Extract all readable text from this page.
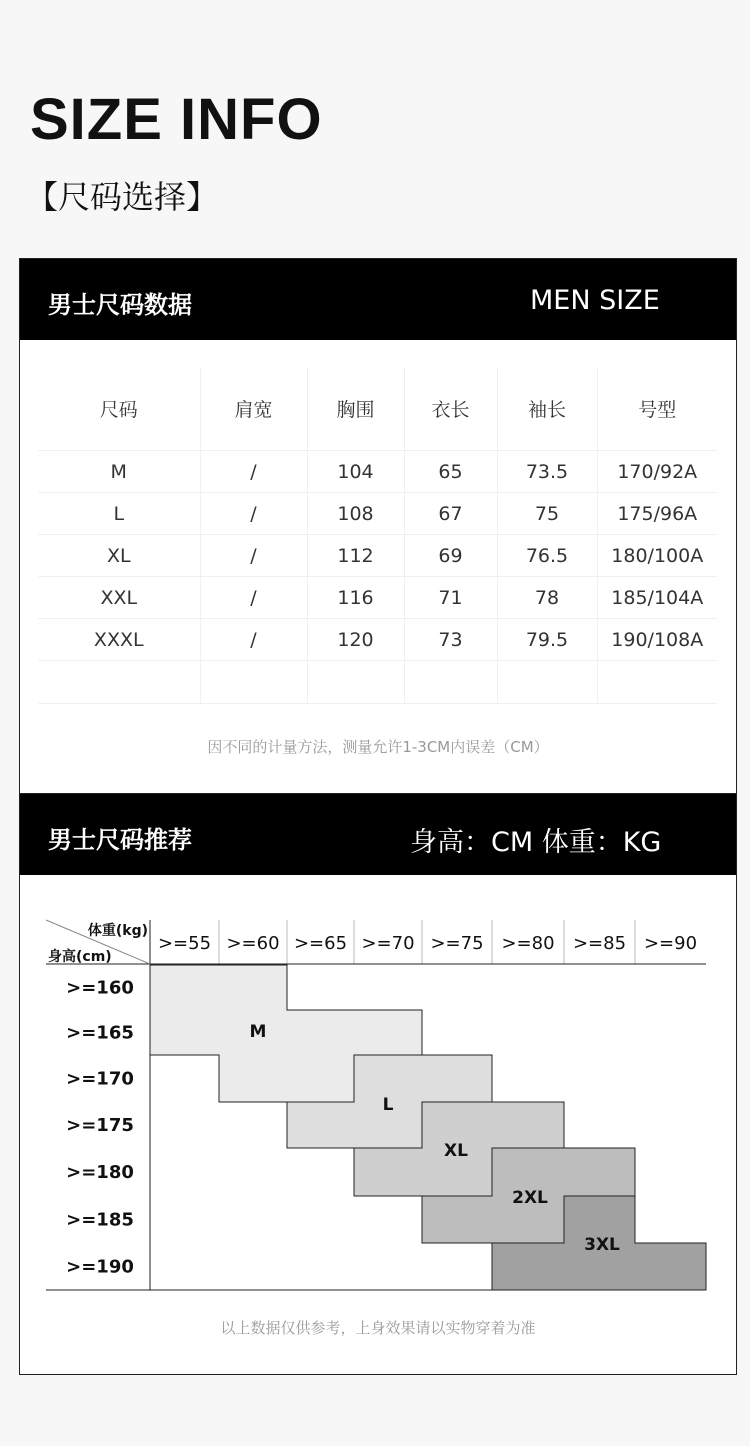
SIZE INFO
【尺码选择】
男士尺码数据	MEN SIZE
尺码	肩宽	胸围	衣长	袖长	号型
M	/	104	65	73.5	170/92A
L	/	108	67	75	175/96A
XL	/	112	69	76.5	180/100A
XXL	/	116	71	78	185/104A
XXXL	/	120	73	79.5	190/108A

因不同的计量方法，测量允许1-3CM内误差（CM）
男士尺码推荐	身高：CM 体重：KG
M
L
XL
2XL
3XL
体重(kg)
身高(cm)
>=55 >=60 >=65 >=70 >=75 >=80 >=85 >=90
>=160
>=165
>=170
>=175
>=180
>=185
>=190
以上数据仅供参考，上身效果请以实物穿着为准
